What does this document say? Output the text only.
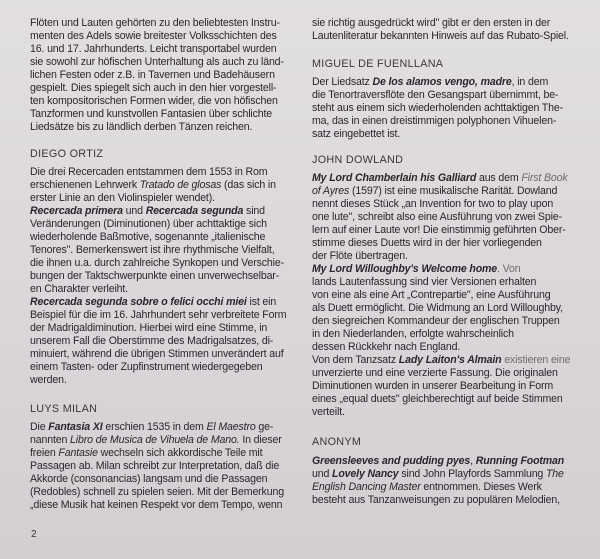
Flöten und Lauten gehörten zu den beliebtesten Instru-
menten des Adels sowie breitester Volksschichten des
16. und 17. Jahrhunderts. Leicht transportabel wurden
sie sowohl zur höfischen Unterhaltung als auch zu länd-
lichen Festen oder z.B. in Tavernen und Badehäusern
gespielt. Dies spiegelt sich auch in den hier vorgestell-
ten kompositorischen Formen wider, die von höfischen
Tanzformen und kunstvollen Fantasien über schlichte
Liedsätze bis zu ländlich derben Tänzen reichen.
DIEGO ORTIZ
Die drei Recercaden entstammen dem 1553 in Rom
erschienenen Lehrwerk Tratado de glosas (das sich in
erster Linie an den Violinspieler wendet).
Recercada primera und Recercada segunda sind
Veränderungen (Diminutionen) über achttaktige sich
wiederholende Baßmotive, sogenannte „italienische
Tenores". Bemerkenswert ist ihre rhythmische Vielfalt,
die ihnen u.a. durch zahlreiche Synkopen und Verschie-
bungen der Taktschwerpunkte einen unverwechselbar-
en Charakter verleiht.
Recercada segunda sobre o felici occhi miei ist ein
Beispiel für die im 16. Jahrhundert sehr verbreitete Form
der Madrigaldiminution. Hierbei wird eine Stimme, in
unserem Fall die Oberstimme des Madrigalsatzes, di-
minuiert, während die übrigen Stimmen unverändert auf
einem Tasten- oder Zupfinstrument wiedergegeben
werden.
LUYS MILAN
Die Fantasia XI erschien 1535 in dem El Maestro ge-
nannten Libro de Musica de Vihuela de Mano. In dieser
freien Fantasie wechseln sich akkordische Teile mit
Passagen ab. Milan schreibt zur Interpretation, daß die
Akkorde (consonancias) langsam und die Passagen
(Redobles) schnell zu spielen seien. Mit der Bemerkung
„diese Musik hat keinen Respekt vor dem Tempo, wenn
sie richtig ausgedrückt wird" gibt er den ersten in der
Lautenliteratur bekannten Hinweis auf das Rubato-Spiel.
MIGUEL DE FUENLLANA
Der Liedsatz De los alamos vengo, madre, in dem
die Tenortraversflöte den Gesangspart übernimmt, be-
steht aus einem sich wiederholenden achttaktigen The-
ma, das in einen dreistimmigen polyphonen Vihuelen-
satz eingebettet ist.
JOHN DOWLAND
My Lord Chamberlain his Galliard aus dem First Book
of Ayres (1597) ist eine musikalische Rarität. Dowland
nennt dieses Stück „an Invention for two to play upon
one lute", schreibt also eine Ausführung von zwei Spie-
lern auf einer Laute vor! Die einstimmig geführten Ober-
stimme dieses Duetts wird in der hier vorliegenden
der Flöte übertragen.
My Lord Willoughby's Welcome home. Von
lands Lautenfassung sind vier Versionen erhalten
von eine als eine Art „Contrepartie", eine Ausführung
als Duett ermöglicht. Die Widmung an Lord Willoughby,
den siegreichen Kommandeur der englischen Truppen
in den Niederlanden, erfolgte wahrscheinlich
dessen Rückkehr nach England.
Von dem Tanzsatz Lady Laiton's Almain existieren eine
unverzierte und eine verzierte Fassung. Die originalen
Diminutionen wurden in unserer Bearbeitung in Form
eines „equal duets" gleichberechtigt auf beide Stimmen
verteilt.
ANONYM
Greensleeves and pudding pyes, Running Footman
und Lovely Nancy sind John Playfords Sammlung The
English Dancing Master entnommen. Dieses Werk
besteht aus Tanzanweisungen zu populären Melodien,
2
